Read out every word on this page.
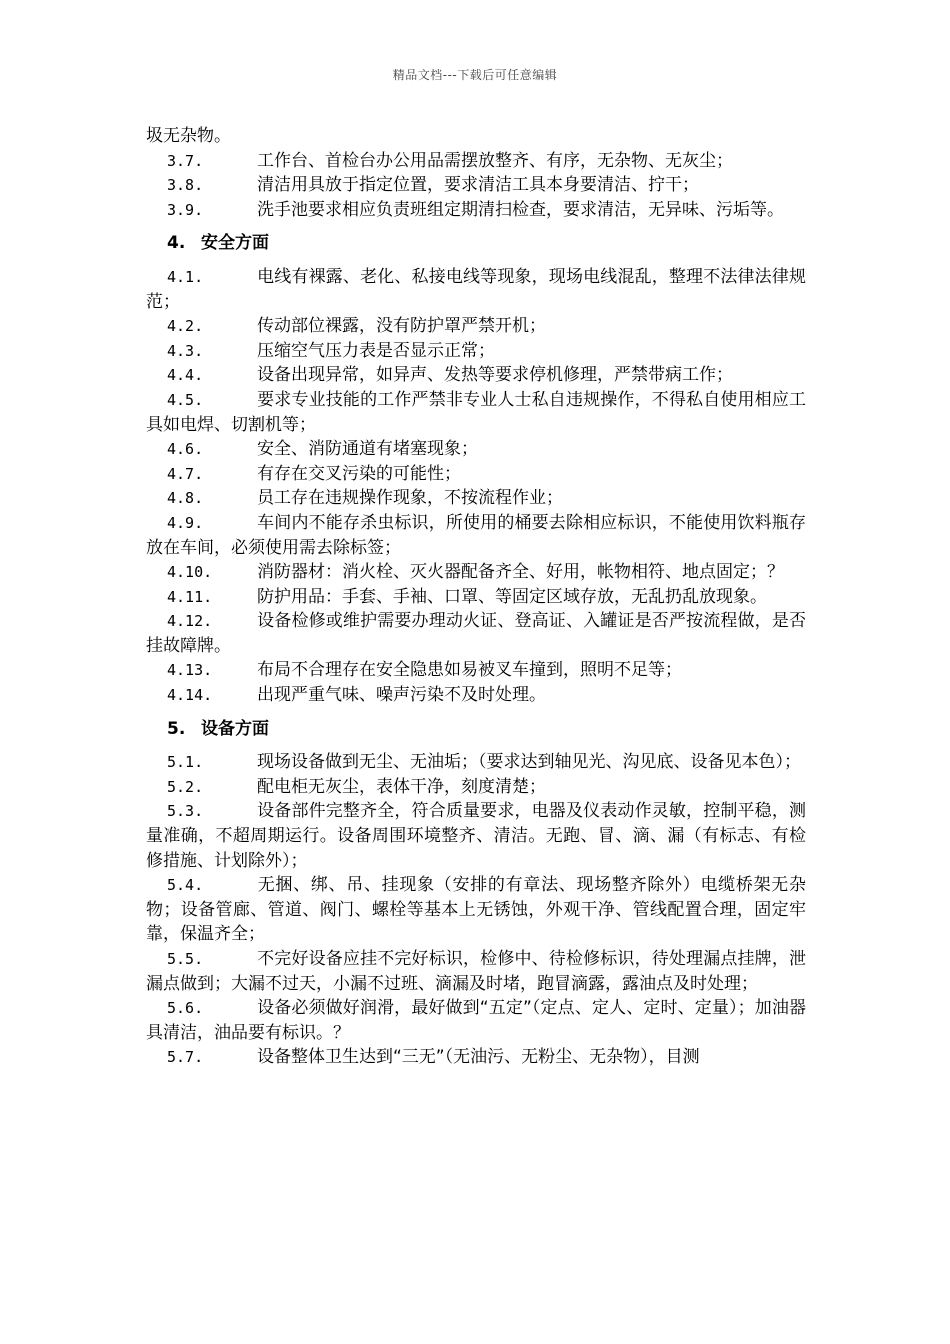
精品文档---下载后可任意编辑

圾无杂物。

3.7.	工作台、首检台办公用品需摆放整齐、有序，无杂物、无灰尘；

3.8.	清洁用具放于指定位置，要求清洁工具本身要清洁、拧干；

3.9.	洗手池要求相应负责班组定期清扫检查，要求清洁，无异味、污垢等。

4. 安全方面

4.1.	电线有裸露、老化、私接电线等现象，现场电线混乱，整理不法律法律规范；

4.2.	传动部位裸露，没有防护罩严禁开机；

4.3.	压缩空气压力表是否显示正常；

4.4.	设备出现异常，如异声、发热等要求停机修理，严禁带病工作；

4.5.	要求专业技能的工作严禁非专业人士私自违规操作，不得私自使用相应工具如电焊、切割机等；

4.6.	安全、消防通道有堵塞现象；

4.7.	有存在交叉污染的可能性；

4.8.	员工存在违规操作现象，不按流程作业；

4.9.	车间内不能存杀虫标识，所使用的桶要去除相应标识，不能使用饮料瓶存放在车间，必须使用需去除标签；

4.10.	消防器材：消火栓、灭火器配备齐全、好用，帐物相符、地点固定；？

4.11.	防护用品：手套、手袖、口罩、等固定区域存放，无乱扔乱放现象。

4.12.	设备检修或维护需要办理动火证、登高证、入罐证是否严按流程做，是否挂故障牌。

4.13.	布局不合理存在安全隐患如易被叉车撞到，照明不足等；

4.14.	出现严重气味、噪声污染不及时处理。

5. 设备方面

5.1.	现场设备做到无尘、无油垢；（要求达到轴见光、沟见底、设备见本色）；

5.2.	配电柜无灰尘，表体干净，刻度清楚；

5.3.	设备部件完整齐全，符合质量要求，电器及仪表动作灵敏，控制平稳，测量准确，不超周期运行。设备周围环境整齐、清洁。无跑、冒、滴、漏（有标志、有检修措施、计划除外）；

5.4.	无捆、绑、吊、挂现象（安排的有章法、现场整齐除外）电缆桥架无杂物；设备管廊、管道、阀门、螺栓等基本上无锈蚀，外观干净、管线配置合理，固定牢靠，保温齐全；

5.5.	不完好设备应挂不完好标识，检修中、待检修标识，待处理漏点挂牌，泄漏点做到；大漏不过天，小漏不过班、滴漏及时堵，跑冒滴露，露油点及时处理；

5.6.	设备必须做好润滑，最好做到“五定”（定点、定人、定时、定量）；加油器具清洁，油品要有标识。？

5.7.	设备整体卫生达到“三无”（无油污、无粉尘、无杂物），目测
